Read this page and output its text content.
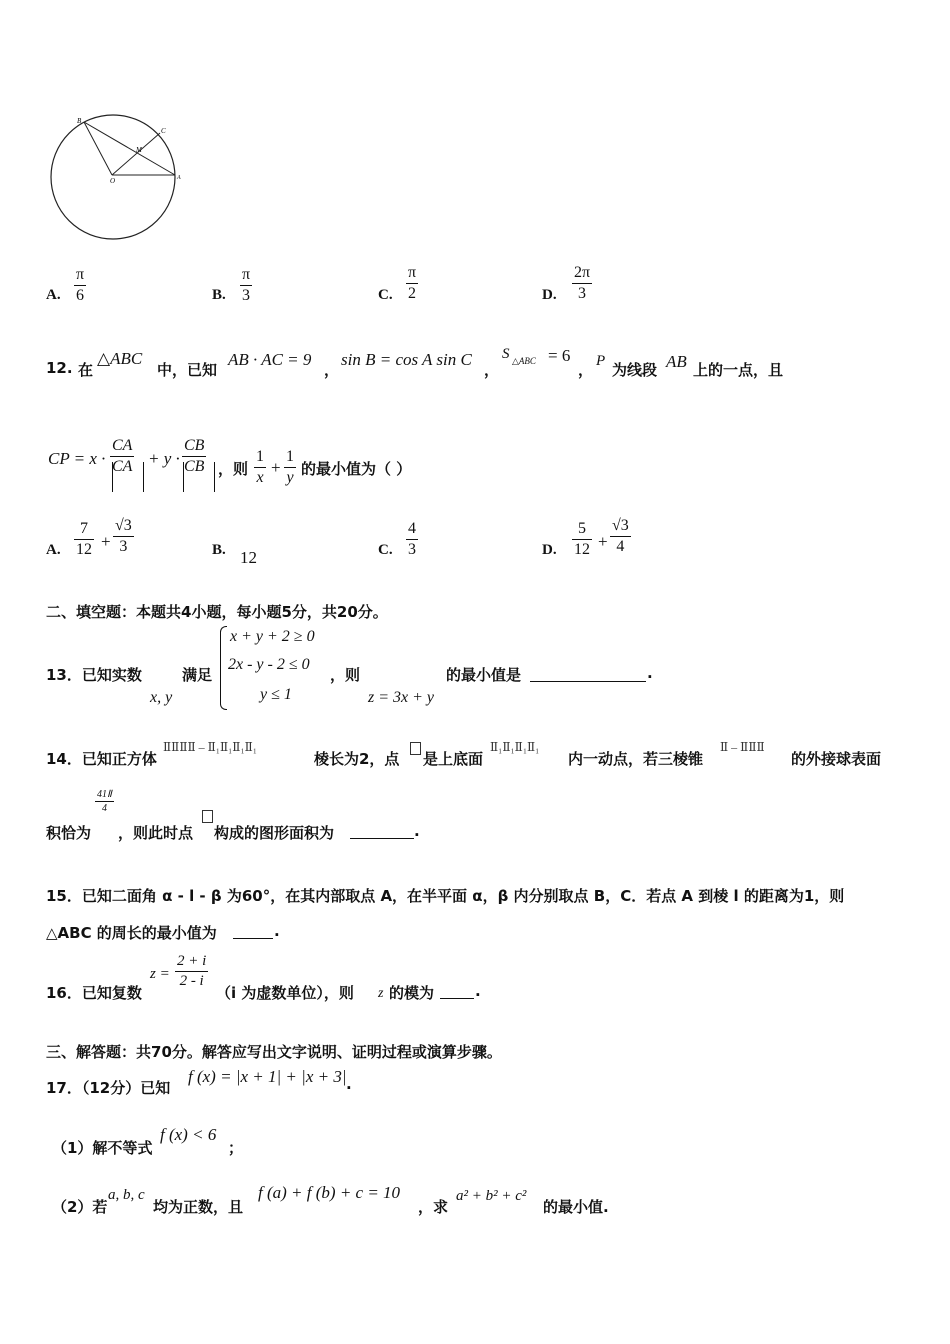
B
C
M
O	A
A.
π
6	B.
π
3	C.
π
2	D.
2π
3
12. 在
△ABC
中，已知
AB · AC = 9
，
sin B = cos A sin C
，
S △ABC = 6
， P 为线段 AB 上的一点，且
CP = x ·
CA
CA + y ·
CB
CB ，则
1
x
+
1
y 的最小值为（ ）
A.
7
12 +
√3
3	B. 12	C.
4
3	D.
5
12 +
√3
4
二、填空题：本题共4小题，每小题5分，共20分。
13．已知实数
x, y
满足
x + y + 2 ≥ 0
2x - y - 2 ≤ 0
y ≤ 1
，则
z = 3x + y
的最小值是	.
14．已知正方体
ⅡⅡⅡⅡ – Ⅱ₁Ⅱ₁Ⅱ₁Ⅱ₁
棱长为2，点 是上底面
Ⅱ₁Ⅱ₁Ⅱ₁Ⅱ₁
内一动点，若三棱锥
Ⅱ – ⅡⅡⅡ
的外接球表面
积恰为
41Ⅱ
4
，则此时点 构成的图形面积为	.
15．已知二面角 α - l - β 为60°，在其内部取点 A，在半平面 α，β 内分别取点 B，C．若点 A 到棱 l 的距离为1，则
△ABC 的周长的最小值为	.
16．已知复数
z =
2 + i
2 - i
（i 为虚数单位），则 z 的模为	.
三、解答题：共70分。解答应写出文字说明、证明过程或演算步骤。
17．（12分）已知
f (x) = |x + 1| + |x + 3| .
（1）解不等式
f (x) < 6
；
（2）若
a, b, c
均为正数，且
f (a) + f (b) + c = 10
，求
a² + b² + c²
的最小值.
